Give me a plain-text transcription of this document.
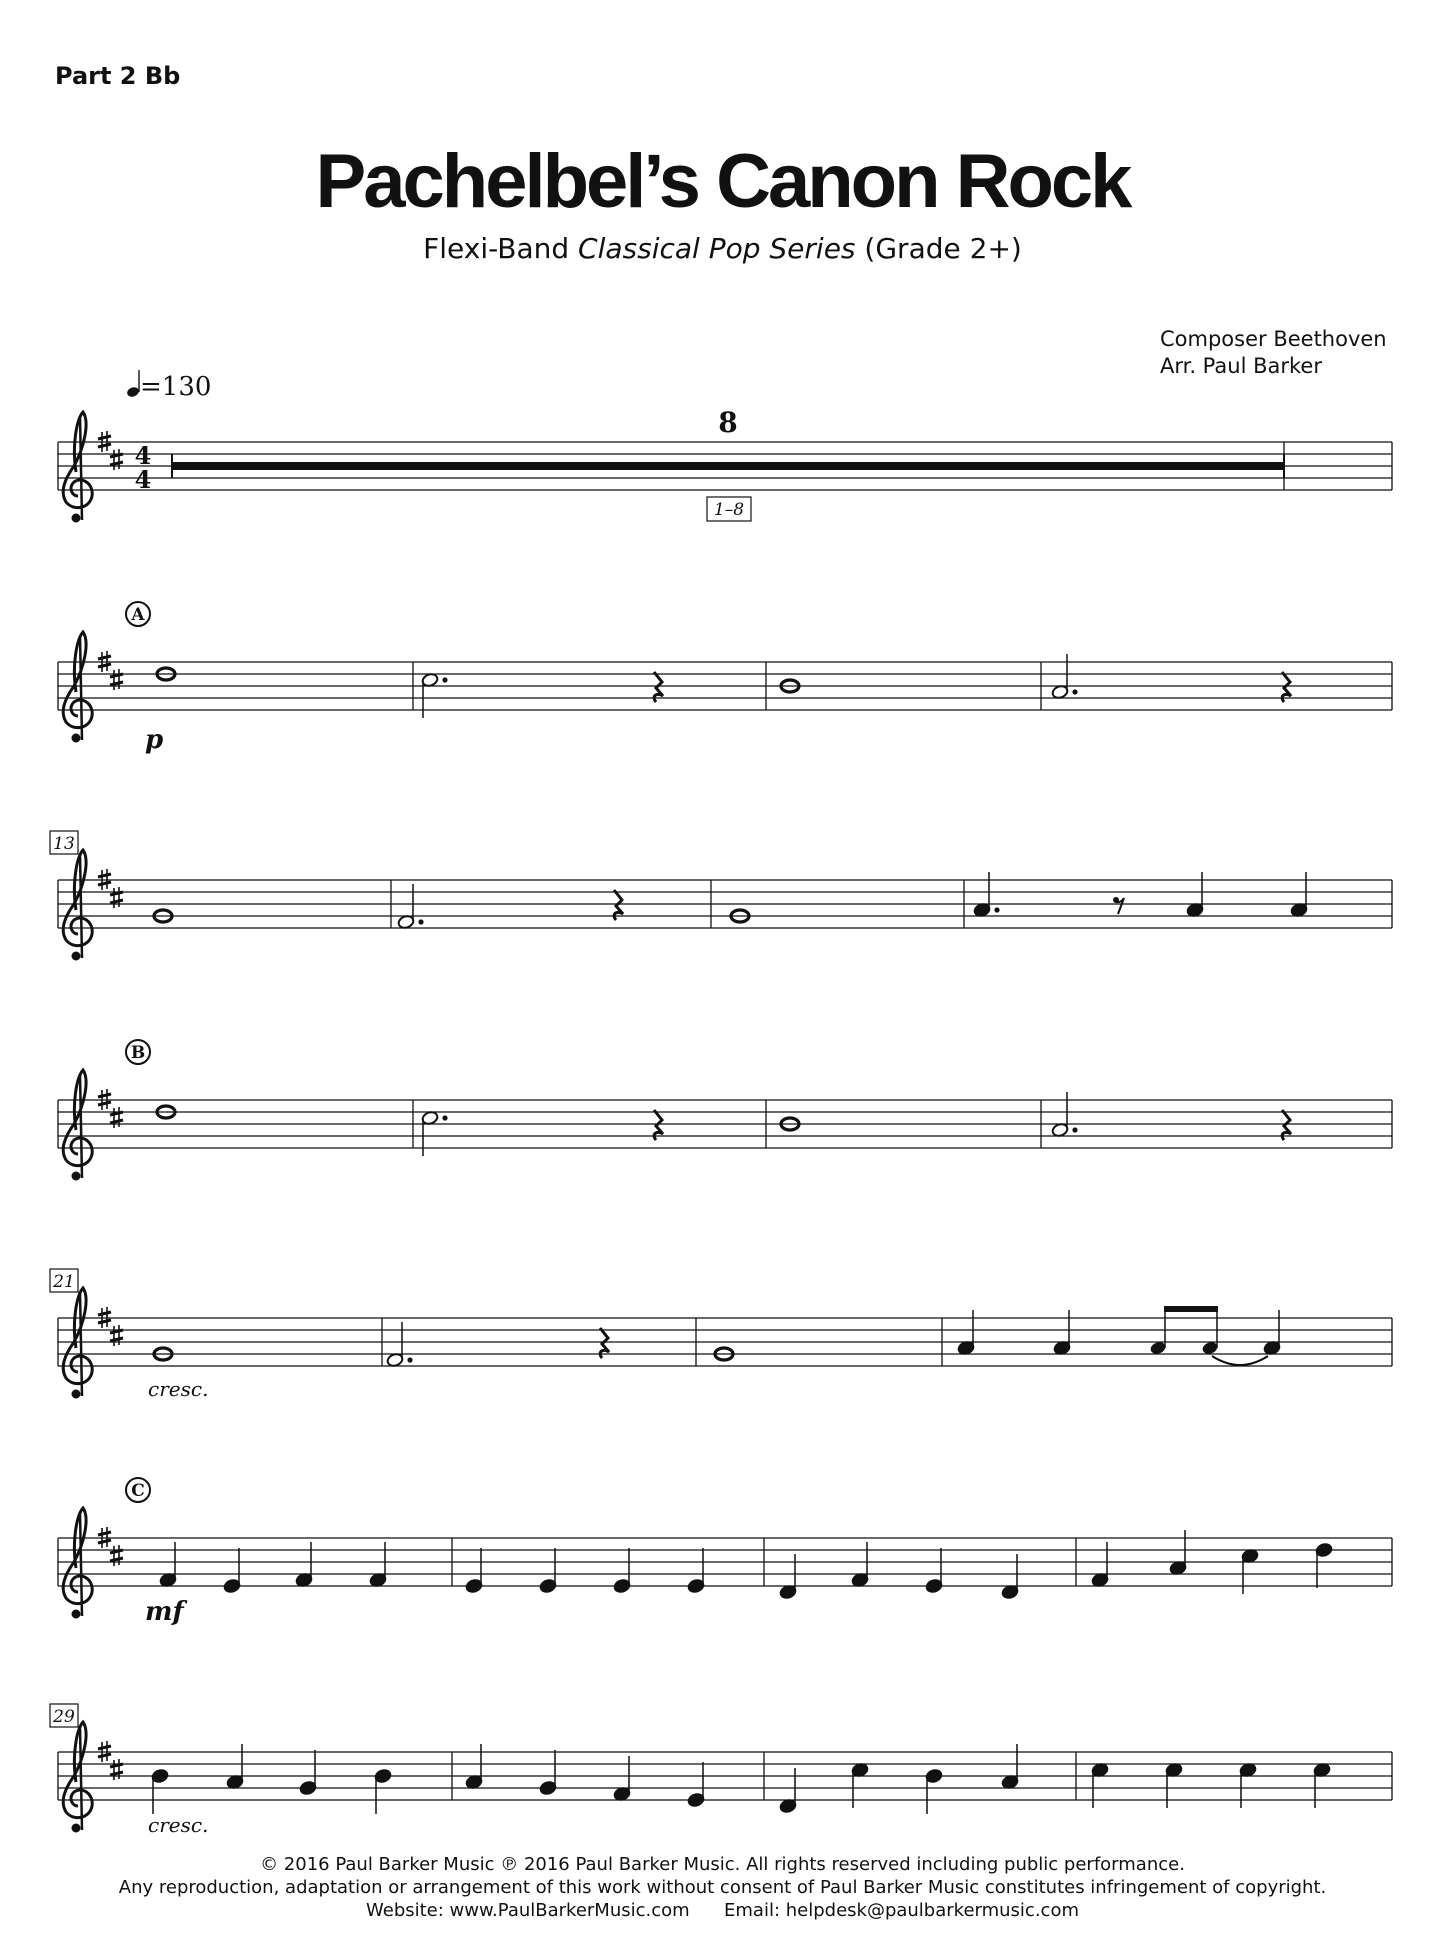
Part 2 Bb
Pachelbel’s Canon Rock
Flexi-Band Classical Pop Series (Grade 2+)
Composer Beethoven
Arr. Paul Barker
4
4
=130
8
1–8
A
p
13
B
21
cresc.
C
mf
29
cresc.
© 2016 Paul Barker Music ℗ 2016 Paul Barker Music. All rights reserved including public performance.
Any reproduction, adaptation or arrangement of this work without consent of Paul Barker Music constitutes infringement of copyright.
Website: www.PaulBarkerMusic.com      Email: helpdesk@paulbarkermusic.com
